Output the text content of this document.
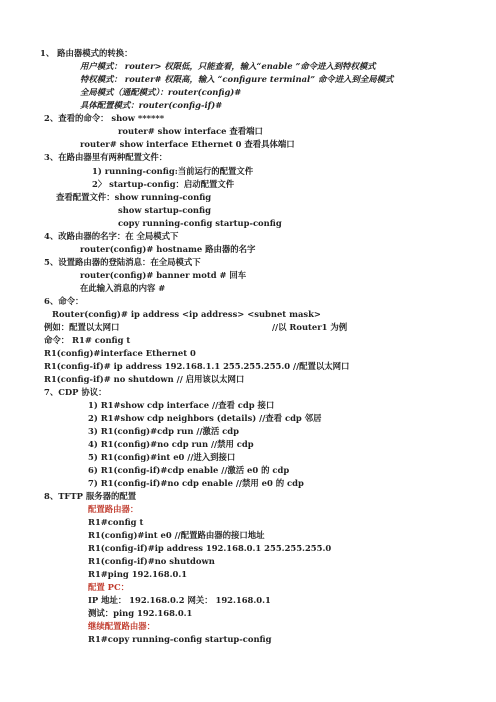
1、 路由器模式的转换：
用户模式： router> 权限低，只能查看，输入“enable ”命令进入到特权模式
特权模式： router# 权限高，输入 “configure terminal” 命令进入到全局模式
全局模式（通配模式）：router(config)#
具体配置模式：router(config-if)#
2、查看的命令： show ******
router# show interface 查看端口
router# show interface Ethernet 0 查看具体端口
3、在路由器里有两种配置文件：
1) running-config:当前运行的配置文件
2〉 startup-config：启动配置文件
查看配置文件：show running-config
show startup-config
copy running-config startup-config
4、改路由器的名字：在 全局模式下
router(config)# hostname 路由器的名字
5、设置路由器的登陆消息：在全局模式下
router(config)# banner motd # 回车
在此输入消息的内容 #
6、命令：
Router(config)# ip address <ip address> <subnet mask>
例如：配置以太网口	//以 Router1 为例
命令： R1# config t
R1(config)#interface Ethernet 0
R1(config-if)# ip address 192.168.1.1 255.255.255.0 //配置以太网口
R1(config-if)# no shutdown // 启用该以太网口
7、CDP 协议：
1) R1#show cdp interface //查看 cdp 接口
2) R1#show cdp neighbors (details) //查看 cdp 邻居
3) R1(config)#cdp run //激活 cdp
4) R1(config)#no cdp run //禁用 cdp
5) R1(config)#int e0 //进入到接口
6) R1(config-if)#cdp enable //激活 e0 的 cdp
7) R1(config-if)#no cdp enable //禁用 e0 的 cdp
8、TFTP 服务器的配置
配置路由器：
R1#config t
R1(config)#int e0 //配置路由器的接口地址
R1(config-if)#ip address 192.168.0.1 255.255.255.0
R1(config-if)#no shutdown
R1#ping 192.168.0.1
配置 PC：
IP 地址： 192.168.0.2 网关： 192.168.0.1
测试：ping 192.168.0.1
继续配置路由器：
R1#copy running-config startup-config
